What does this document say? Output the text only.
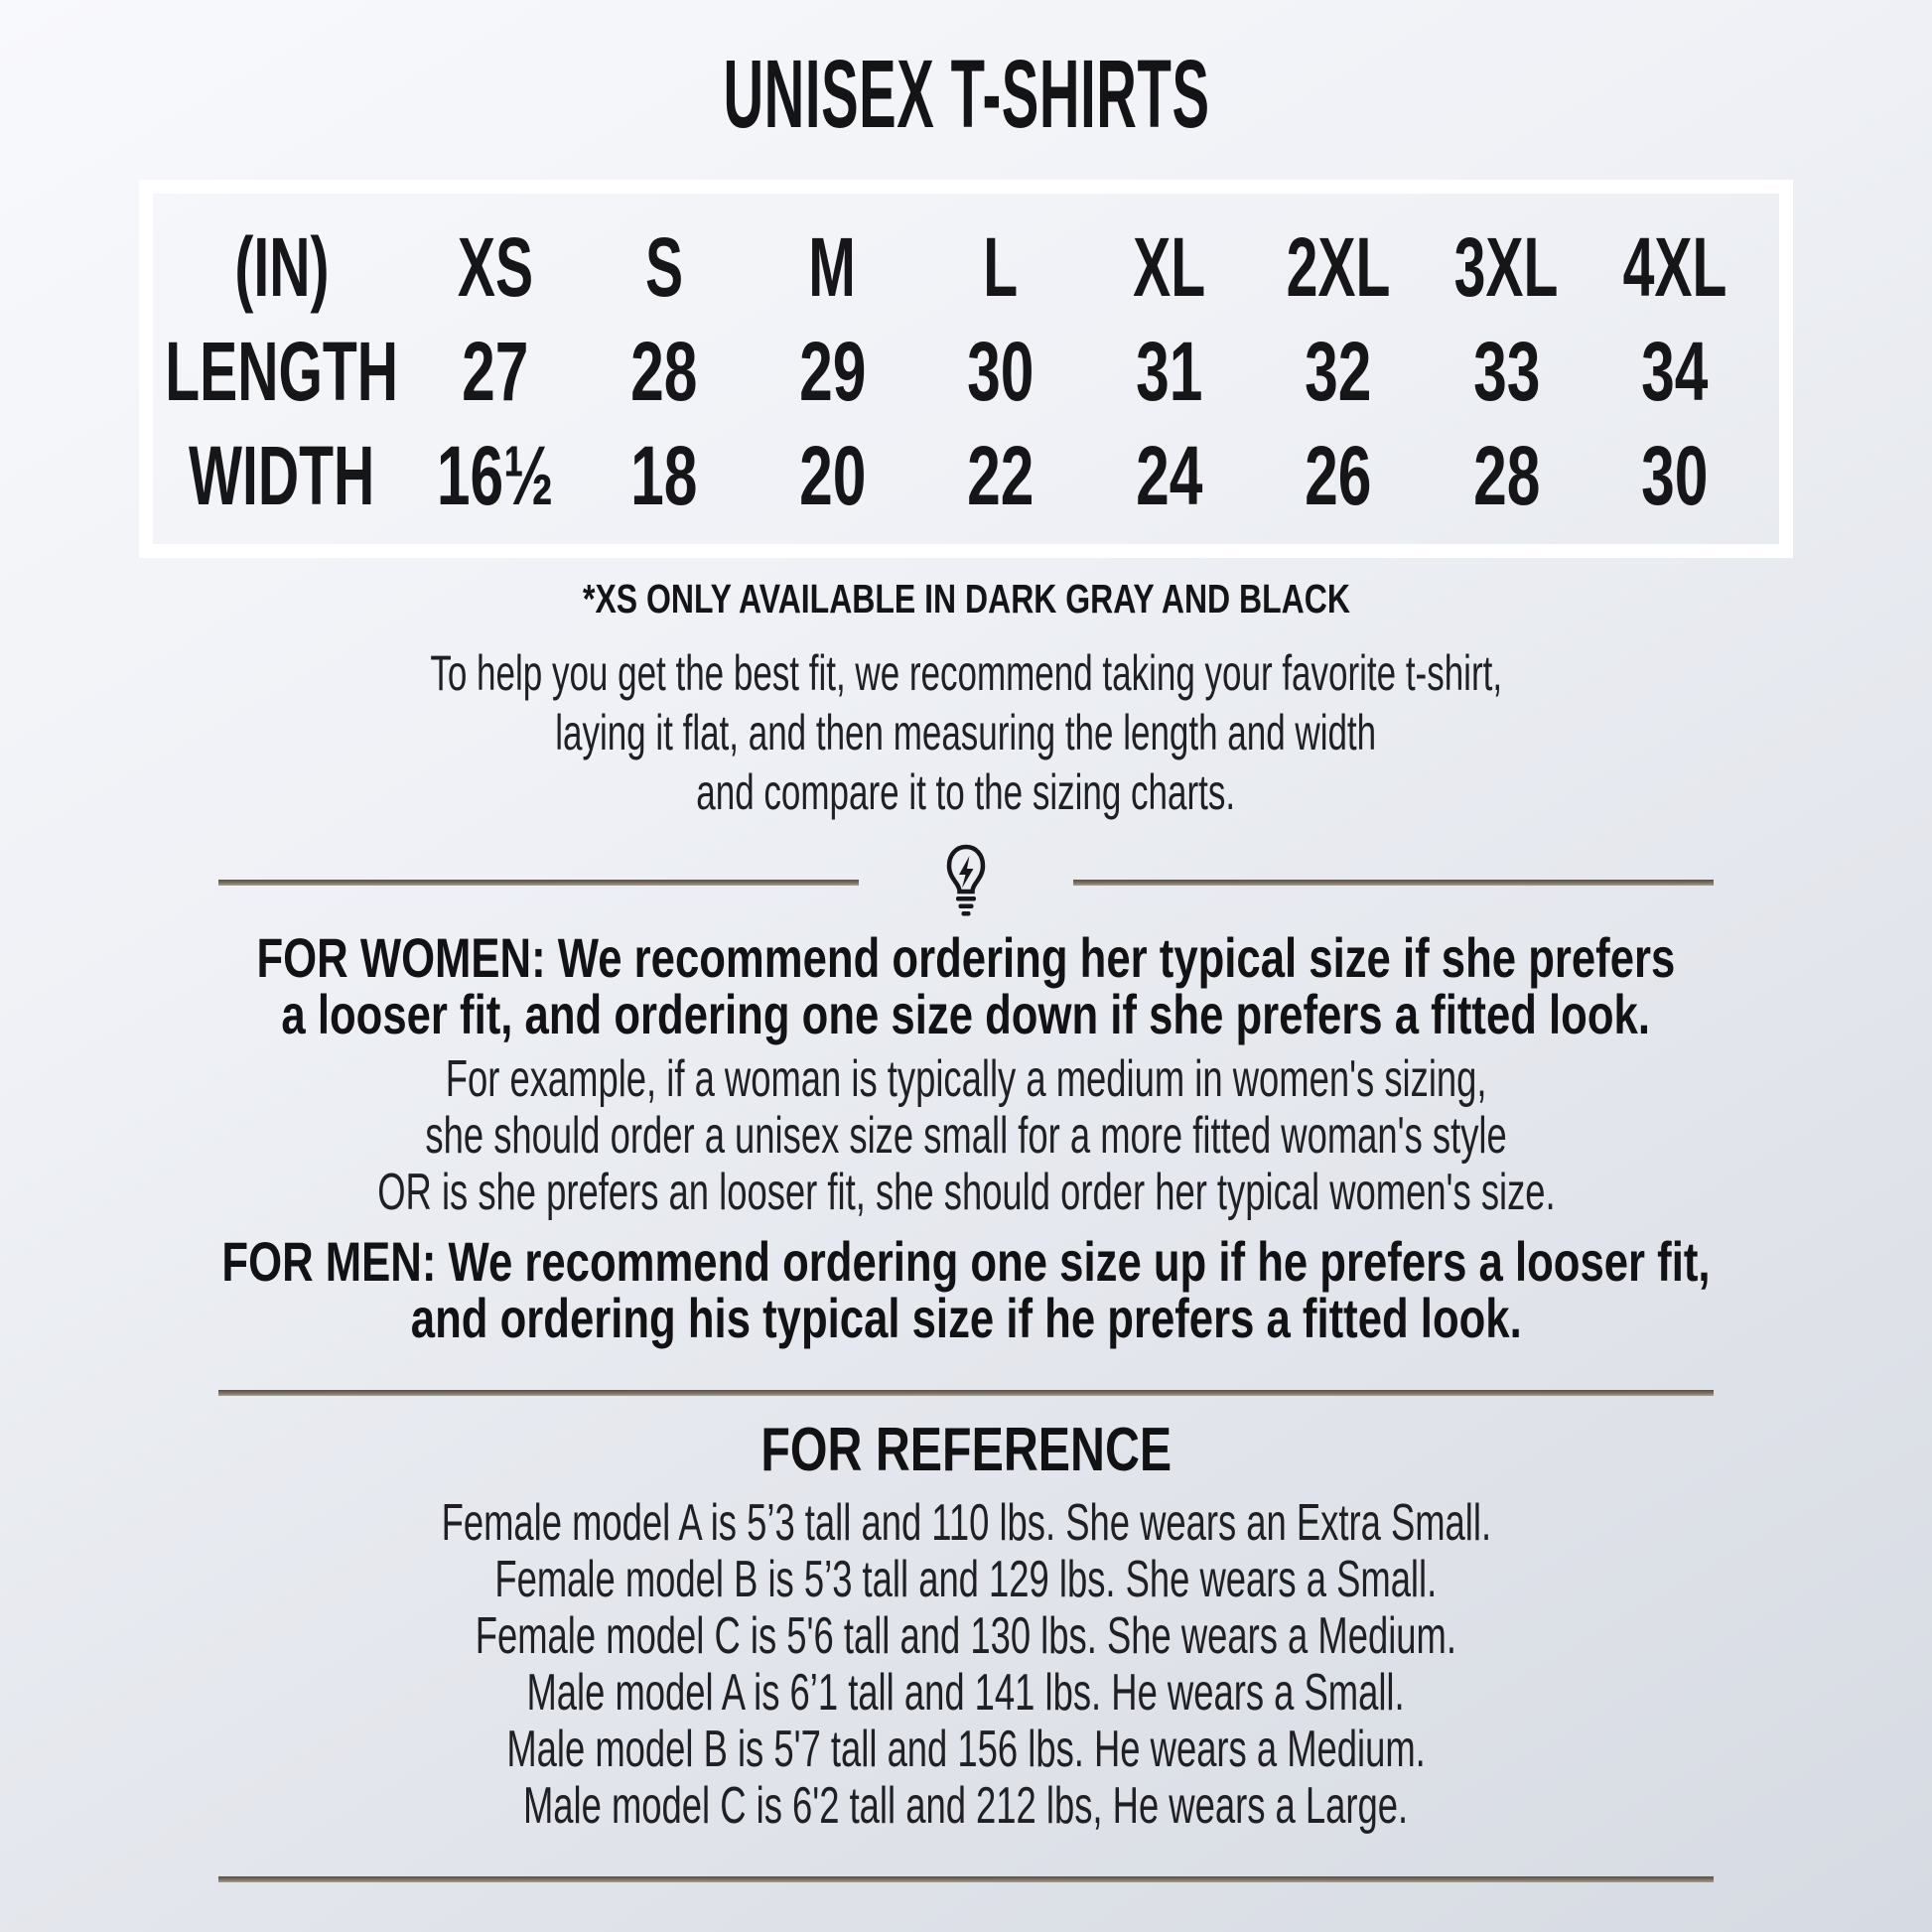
UNISEX T-SHIRTS
(IN) XS S M L XL 2XL 3XL 4XL
LENGTH 27 28 29 30 31 32 33 34
WIDTH 16½ 18 20 22 24 26 28 30
*XS ONLY AVAILABLE IN DARK GRAY AND BLACK
To help you get the best fit, we recommend taking your favorite t-shirt,
laying it flat, and then measuring the length and width
and compare it to the sizing charts.
FOR WOMEN: We recommend ordering her typical size if she prefers
a looser fit, and ordering one size down if she prefers a fitted look.
For example, if a woman is typically a medium in women's sizing,
she should order a unisex size small for a more fitted woman's style
OR is she prefers an looser fit, she should order her typical women's size.
FOR MEN: We recommend ordering one size up if he prefers a looser fit,
and ordering his typical size if he prefers a fitted look.
FOR REFERENCE
Female model A is 5’3 tall and 110 lbs. She wears an Extra Small.
Female model B is 5’3 tall and 129 lbs. She wears a Small.
Female model C is 5'6 tall and 130 lbs. She wears a Medium.
Male model A is 6’1 tall and 141 lbs. He wears a Small.
Male model B is 5'7 tall and 156 lbs. He wears a Medium.
Male model C is 6'2 tall and 212 lbs, He wears a Large.
